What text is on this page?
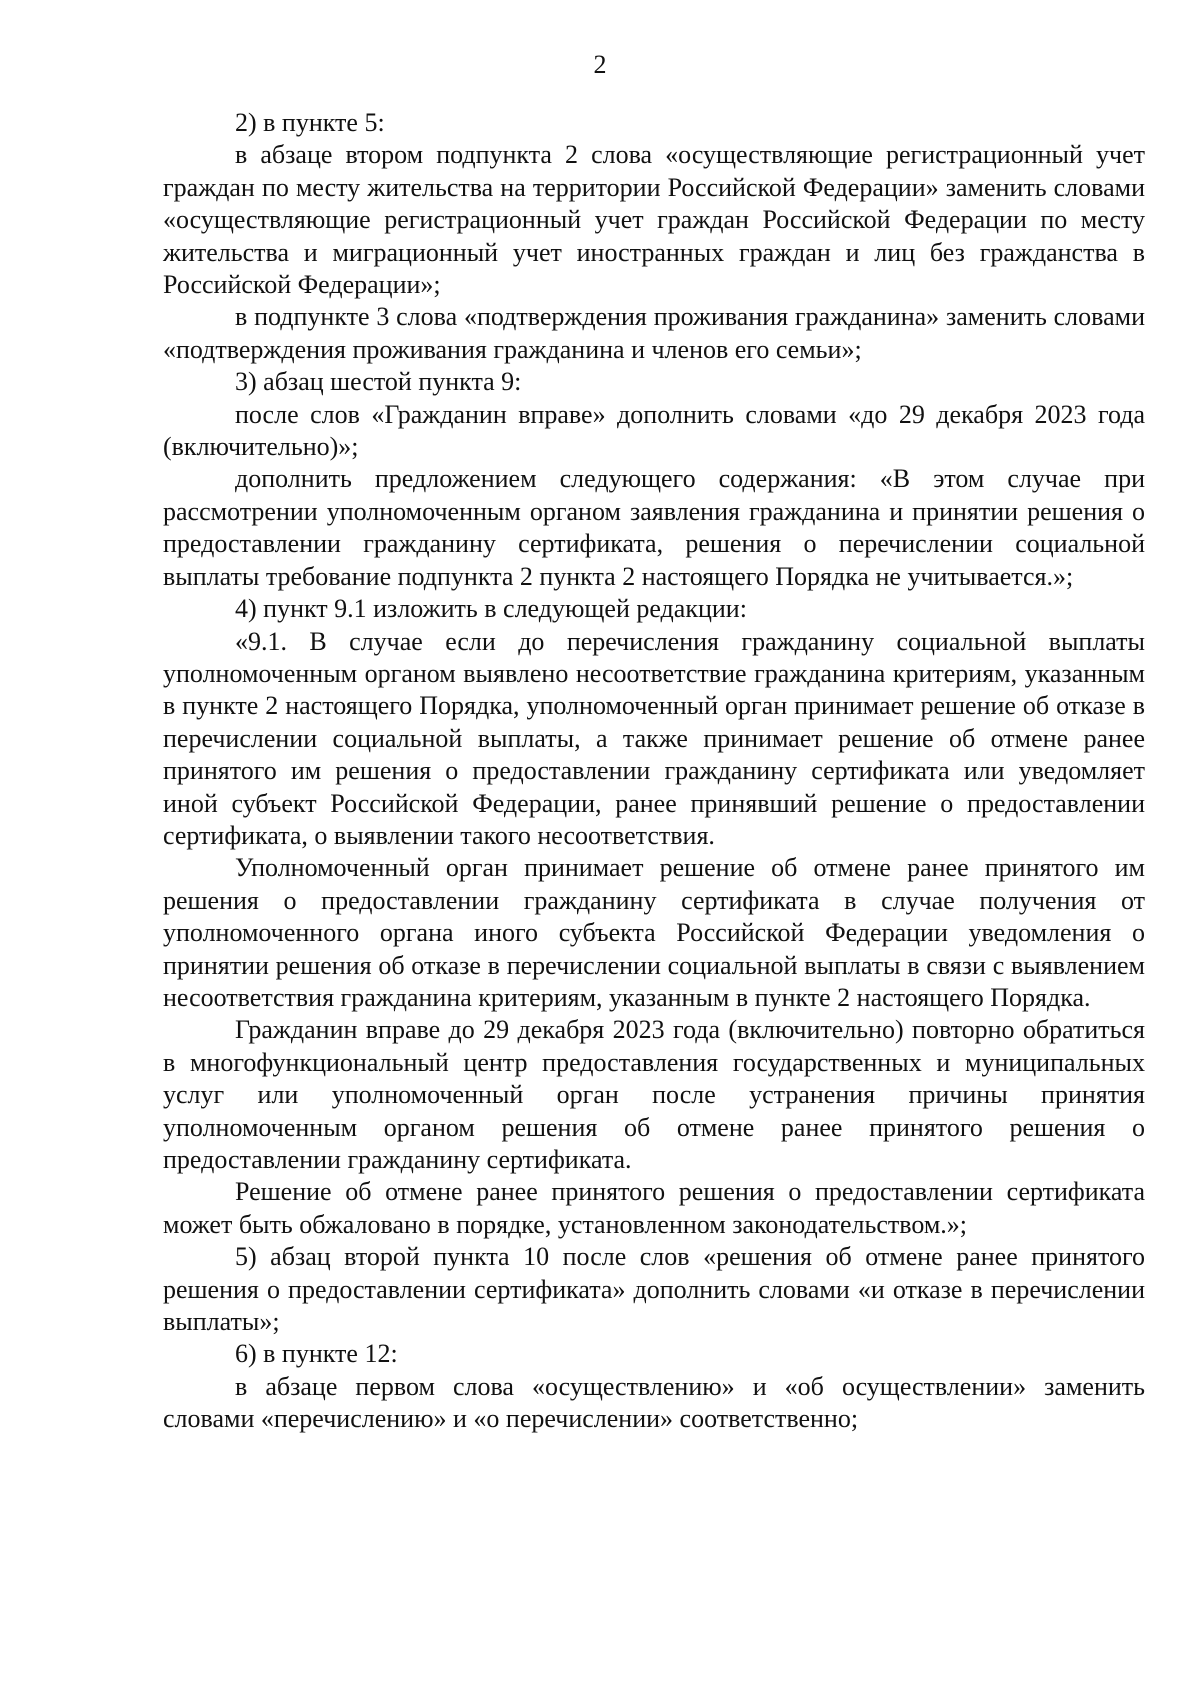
2

2) в пункте 5:

в абзаце втором подпункта 2 слова «осуществляющие регистрационный учет граждан по месту жительства на территории Российской Федерации» заменить словами «осуществляющие регистрационный учет граждан Российской Федерации по месту жительства и миграционный учет иностранных граждан и лиц без гражданства в Российской Федерации»;

в подпункте 3 слова «подтверждения проживания гражданина» заменить словами «подтверждения проживания гражданина и членов его семьи»;

3) абзац шестой пункта 9:

после слов «Гражданин вправе» дополнить словами «до 29 декабря 2023 года (включительно)»;

дополнить предложением следующего содержания: «В этом случае при рассмотрении уполномоченным органом заявления гражданина и принятии решения о предоставлении гражданину сертификата, решения о перечислении социальной выплаты требование подпункта 2 пункта 2 настоящего Порядка не учитывается.»;

4) пункт 9.1 изложить в следующей редакции:

«9.1. В случае если до перечисления гражданину социальной выплаты уполномоченным органом выявлено несоответствие гражданина критериям, указанным в пункте 2 настоящего Порядка, уполномоченный орган принимает решение об отказе в перечислении социальной выплаты, а также принимает решение об отмене ранее принятого им решения о предоставлении гражданину сертификата или уведомляет иной субъект Российской Федерации, ранее принявший решение о предоставлении сертификата, о выявлении такого несоответствия.

Уполномоченный орган принимает решение об отмене ранее принятого им решения о предоставлении гражданину сертификата в случае получения от уполномоченного органа иного субъекта Российской Федерации уведомления о принятии решения об отказе в перечислении социальной выплаты в связи с выявлением несоответствия гражданина критериям, указанным в пункте 2 настоящего Порядка.

Гражданин вправе до 29 декабря 2023 года (включительно) повторно обратиться в многофункциональный центр предоставления государственных и муниципальных услуг или уполномоченный орган после устранения причины принятия уполномоченным органом решения об отмене ранее принятого решения о предоставлении гражданину сертификата.

Решение об отмене ранее принятого решения о предоставлении сертификата может быть обжаловано в порядке, установленном законодательством.»;

5) абзац второй пункта 10 после слов «решения об отмене ранее принятого решения о предоставлении сертификата» дополнить словами «и отказе в перечислении выплаты»;

6) в пункте 12:

в абзаце первом слова «осуществлению» и «об осуществлении» заменить словами «перечислению» и «о перечислении» соответственно;
